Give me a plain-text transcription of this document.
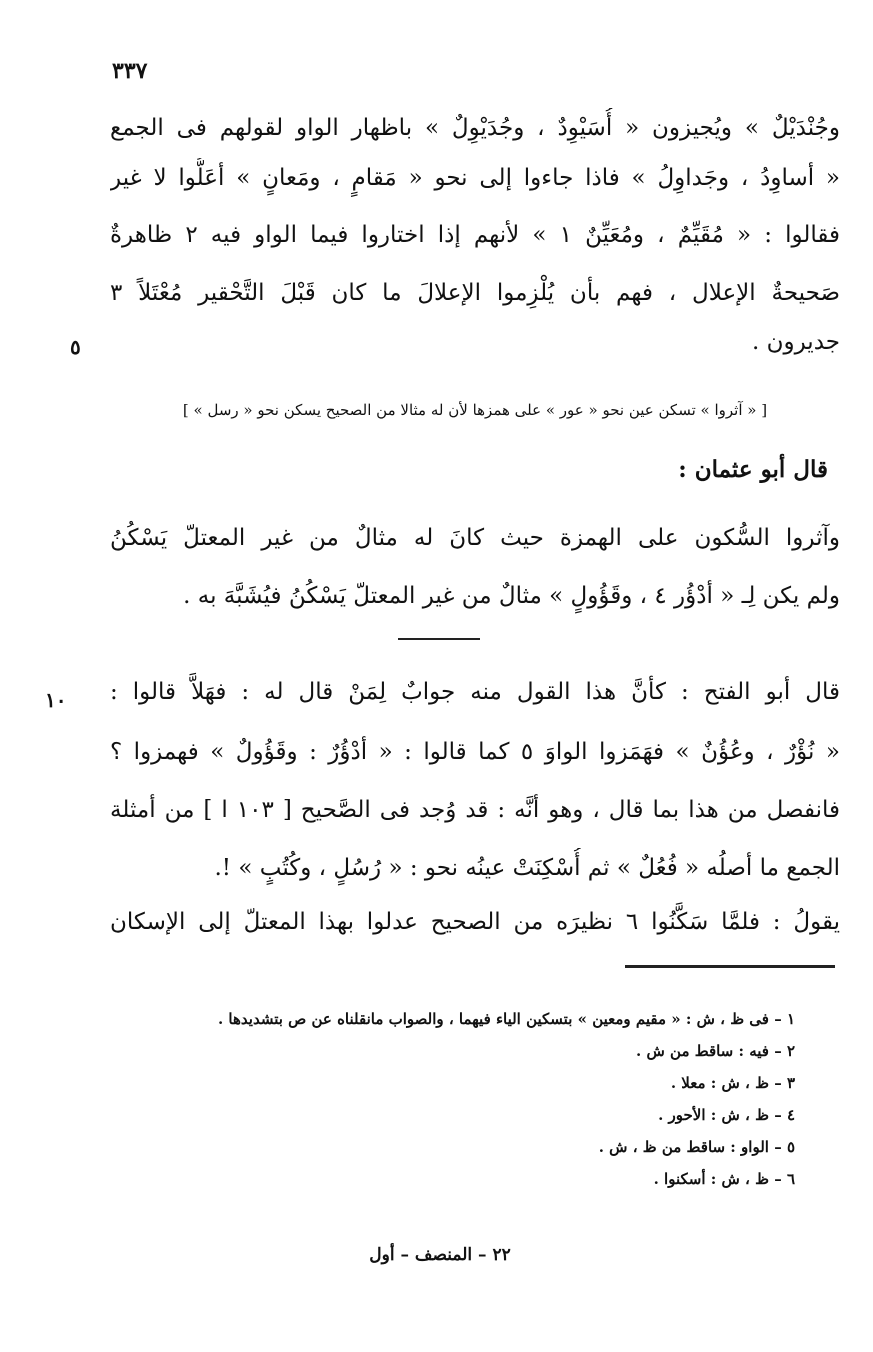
٣٣٧
وجُنْدَيْلٌ » ويُجيزون « أُسَيْوِدٌ ، وجُدَيْوِلٌ » باظهار الواو لقولهم فى الجمع
« أساوِدُ ، وجَداوِلُ » فاذا جاءوا إلى نحو « مَقامٍ ، ومَعانٍ » أعَلُّوا لا غير
فقالوا : « مُقَيِّمٌ ، ومُعَيِّنٌ ١ » لأنهم إذا اختاروا فيما الواو فيه ٢ ظاهرةٌ
صَحيحةٌ الإعلال ، فهم بأن يُلْزِموا الإعلالَ ما كان قَبْلَ التَّحْقير مُعْتَلاً ٣
جديرون .
٥
[ « آثروا » تسكن عين نحو « عور » على همزها لأن له مثالا من الصحيح يسكن نحو « رسل » ]
قال أبو عثمان :
وآثروا السُّكون على الهمزة حيث كانَ له مثالٌ من غير المعتلّ يَسْكُنُ
ولم يكن لِـ « أدْؤُر ٤ ، وقَؤُولٍ » مثالٌ من غير المعتلّ يَسْكُنُ فيُشَبَّهَ به .
قال أبو الفتح : كأنَّ هذا القول منه جوابٌ لِمَنْ قال له : فهَلاَّ قالوا :
« نُؤْرٌ ، وعُؤُنٌ » فهَمَزوا الواوَ ٥ كما قالوا : « أدْؤُرٌ : وقَؤُولٌ » فهمزوا ؟
فانفصل من هذا بما قال ، وهو أنَّه : قد وُجد فى الصَّحيح [ ١٠٣ ا ] من أمثلة
الجمع ما أصلُه « فُعُلٌ » ثم أُسْكِنَتْ عينُه نحو : « رُسُلٍ ، وكُتُبٍ » !.
يقولُ : فلمَّا سَكَّنُوا ٦ نظيرَه من الصحيح عدلوا بهذا المعتلّ إلى الإسكان
١٠
١ – فى ظ ، ش : « مقيم ومعين » بتسكين الياء فيهما ، والصواب مانقلناه عن ص بتشديدها .
٢ – فيه : ساقط من ش .
٣ – ظ ، ش : معلا .
٤ – ظ ، ش : الأحور .
٥ – الواو : ساقط من ظ ، ش .
٦ – ظ ، ش : أسكنوا .
٢٢ – المنصف – أول
